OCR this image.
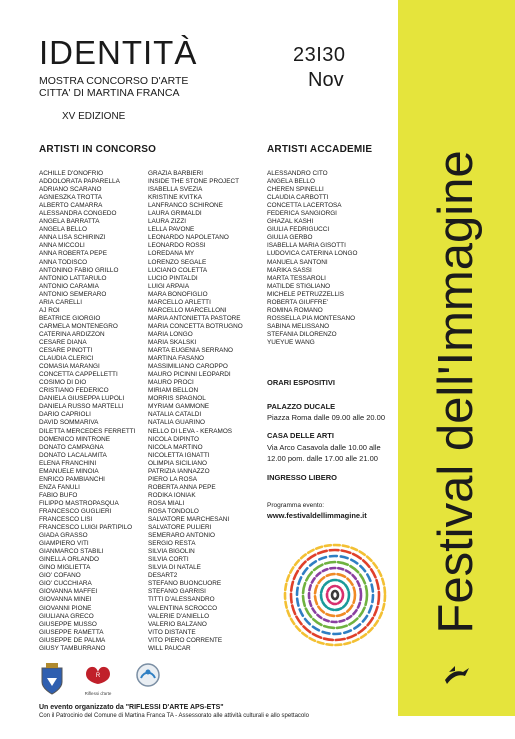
Festival dell'Immagine
IDENTITÀ
MOSTRA CONCORSO D'ARTE
CITTA' DI MARTINA FRANCA
XV EDIZIONE
23I30
Nov
ARTISTI IN CONCORSO	ARTISTI ACCADEMIE
ACHILLE D'ONOFRIO
ADDOLORATA PAPARELLA
ADRIANO SCARANO
AGNIESZKA TROTTA
ALBERTO CAMARRA
ALESSANDRA CONGEDO
ANGELA BARRATTA
ANGELA BELLO
ANNA LISA SCHIRINZI
ANNA MICCOLI
ANNA ROBERTA PEPE
ANNA TODISCO
ANTONINO FABIO GRILLO
ANTONIO LATTARULO
ANTONIO CARAMIA
ANTONIO SEMERARO
ARIA CARELLI
AJ ROI
BEATRICE GIORGIO
CARMELA MONTENEGRO
CATERINA ARDIZZON
CESARE DIANA
CESARE PINOTTI
CLAUDIA CLERICI
COMASIA MARANGI
CONCETTA CAPPELLETTI
COSIMO DI DIO
CRISTIANO FEDERICO
DANIELA GIUSEPPA LUPOLI
DANIELA RUSSO MARTELLI
DARIO CAPRIOLI
DAVID SOMMARIVA
DILETTA MERCEDES FERRETTI
DOMENICO MINTRONE
DONATO CAMPAGNA
DONATO LACALAMITA
ELENA FRANCHINI
EMANUELE MINOIA
ENRICO PAMBIANCHI
ENZA FANULI
FABIO BUFO
FILIPPO MASTROPASQUA
FRANCESCO GUGLIERI
FRANCESCO LISI
FRANCESCO LUIGI PARTIPILO
GIADA GRASSO
GIAMPIERO VITI
GIANMARCO STABILI
GINELLA ORLANDO
GINO MIGLIETTA
GIO' COFANO
GIO' CUCCHIARA
GIOVANNA MAFFEI
GIOVANNA MINEI
GIOVANNI PIONE
GIULIANA GRECO
GIUSEPPE MUSSO
GIUSEPPE RAMETTA
GIUSEPPE DE PALMA
GIUSY TAMBURRANO
GRAZIA BARBIERI
INSIDE THE STONE PROJECT
ISABELLA SVEZIA
KRISTINE KVITKA
LANFRANCO SCHIRONE
LAURA GRIMALDI
LAURA ZIZZI
LELLA PAVONE
LEONARDO NAPOLETANO
LEONARDO ROSSI
LOREDANA MY
LORENZO SEGALE
LUCIANO COLETTA
LUCIO PINTALDI
LUIGI ARPAIA
MARA BONOFIGLIO
MARCELLO ARLETTI
MARCELLO MARCELLONI
MARIA ANTONIETTA PASTORE
MARIA CONCETTA BOTRUGNO
MARIA LONGO
MARIA SKALSKI
MARTA EUGENIA SERRANO
MARTINA FASANO
MASSIMILIANO CAROPPO
MAURO PICINNI LEOPARDI
MAURO PROCI
MIRIAM BELLON
MORRIS SPAGNOL
MYRIAM GAMMONE
NATALIA CATALDI
NATALIA GUARINO
NELLO DI LEVA - KERAMOS
NICOLA DIPINTO
NICOLA MARTINO
NICOLETTA IGNATTI
OLIMPIA SICILIANO
PATRIZIA IANNAZZO
PIERO LA ROSA
ROBERTA ANNA PEPE
RODIKA IONIAK
ROSA MIALI
ROSA TONDOLO
SALVATORE MARCHESANI
SALVATORE PULIERI
SEMERARO ANTONIO
SERGIO RESTA
SILVIA BIGOLIN
SILVIA CORTI
SILVIA DI NATALE
DESART2
STEFANO BUONCUORE
STEFANO GARRISI
TITTI D'ALESSANDRO
VALENTINA SCROCCO
VALERIE D'ANIELLO
VALERIO BALZANO
VITO DISTANTE
VITO PIERO CORRENTE
WILL PAUCAR
ALESSANDRO CITO
ANGELA BELLO
CHEREN SPINELLI
CLAUDIA CARBOTTI
CONCETTA LACERTOSA
FEDERICA SANGIORGI
GHAZAL KASHI
GIULIA FEDRIGUCCI
GIULIA GERBO
ISABELLA MARIA GISOTTI
LUDOVICA CATERINA LONGO
MANUELA SANTONI
MARIKA SASSI
MARTA TESSAROLI
MATILDE STIGLIANO
MICHELE PETRUZZELLIS
ROBERTA GIUFFRE'
ROMINA ROMANO
ROSSELLA PIA MONTESANO
SABINA MELISSANO
STEFANIA DILORENZO
YUEYUE WANG
ORARI ESPOSITIVI
PALAZZO DUCALE
Piazza Roma dalle 09.00 alle 20.00
CASA DELLE ARTI
Via Arco Casavola dalle 10.00 alle
12.00 pom. dalle 17.00 alle 21.00
INGRESSO LIBERO
Programma evento:
www.festivaldellimmagine.it
R
Riflessi d'arte
Un evento organizzato da "RIFLESSI D'ARTE APS-ETS"
Con il Patrocinio del Comune di Martina Franca TA - Assessorato alle attività culturali e allo spettacolo
